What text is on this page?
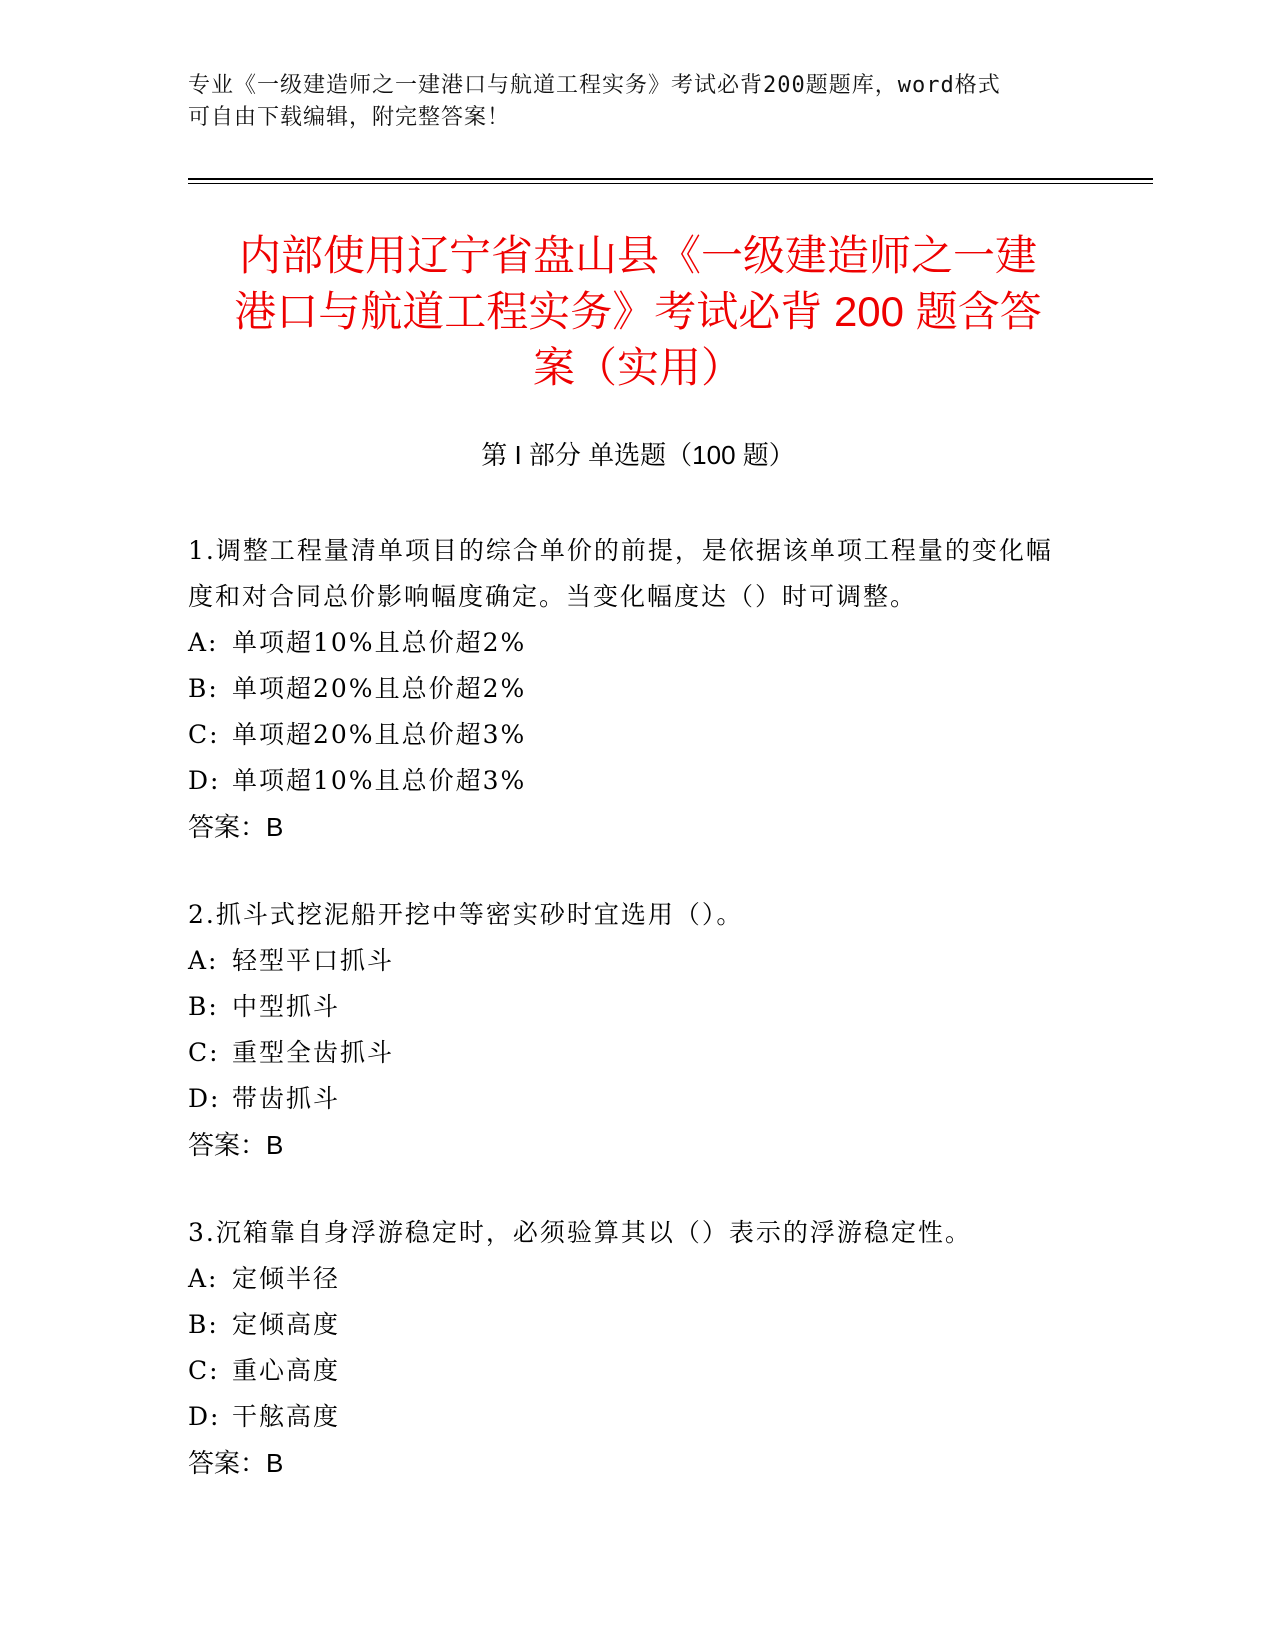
专业《一级建造师之一建港口与航道工程实务》考试必背200题题库，word格式
可自由下载编辑，附完整答案！
内部使用辽宁省盘山县《一级建造师之一建
港口与航道工程实务》考试必背 200 题含答
案（实用）
第 I 部分 单选题（100 题）

1.调整工程量清单项目的综合单价的前提，是依据该单项工程量的变化幅度和对合同总价影响幅度确定。当变化幅度达（）时可调整。

A: 单项超10%且总价超2%

B: 单项超20%且总价超2%

C: 单项超20%且总价超3%

D: 单项超10%且总价超3%

答案：B

2.抓斗式挖泥船开挖中等密实砂时宜选用（）。

A: 轻型平口抓斗

B: 中型抓斗

C: 重型全齿抓斗

D: 带齿抓斗

答案：B

3.沉箱靠自身浮游稳定时，必须验算其以（）表示的浮游稳定性。

A: 定倾半径

B: 定倾高度

C: 重心高度

D: 干舷高度

答案：B
